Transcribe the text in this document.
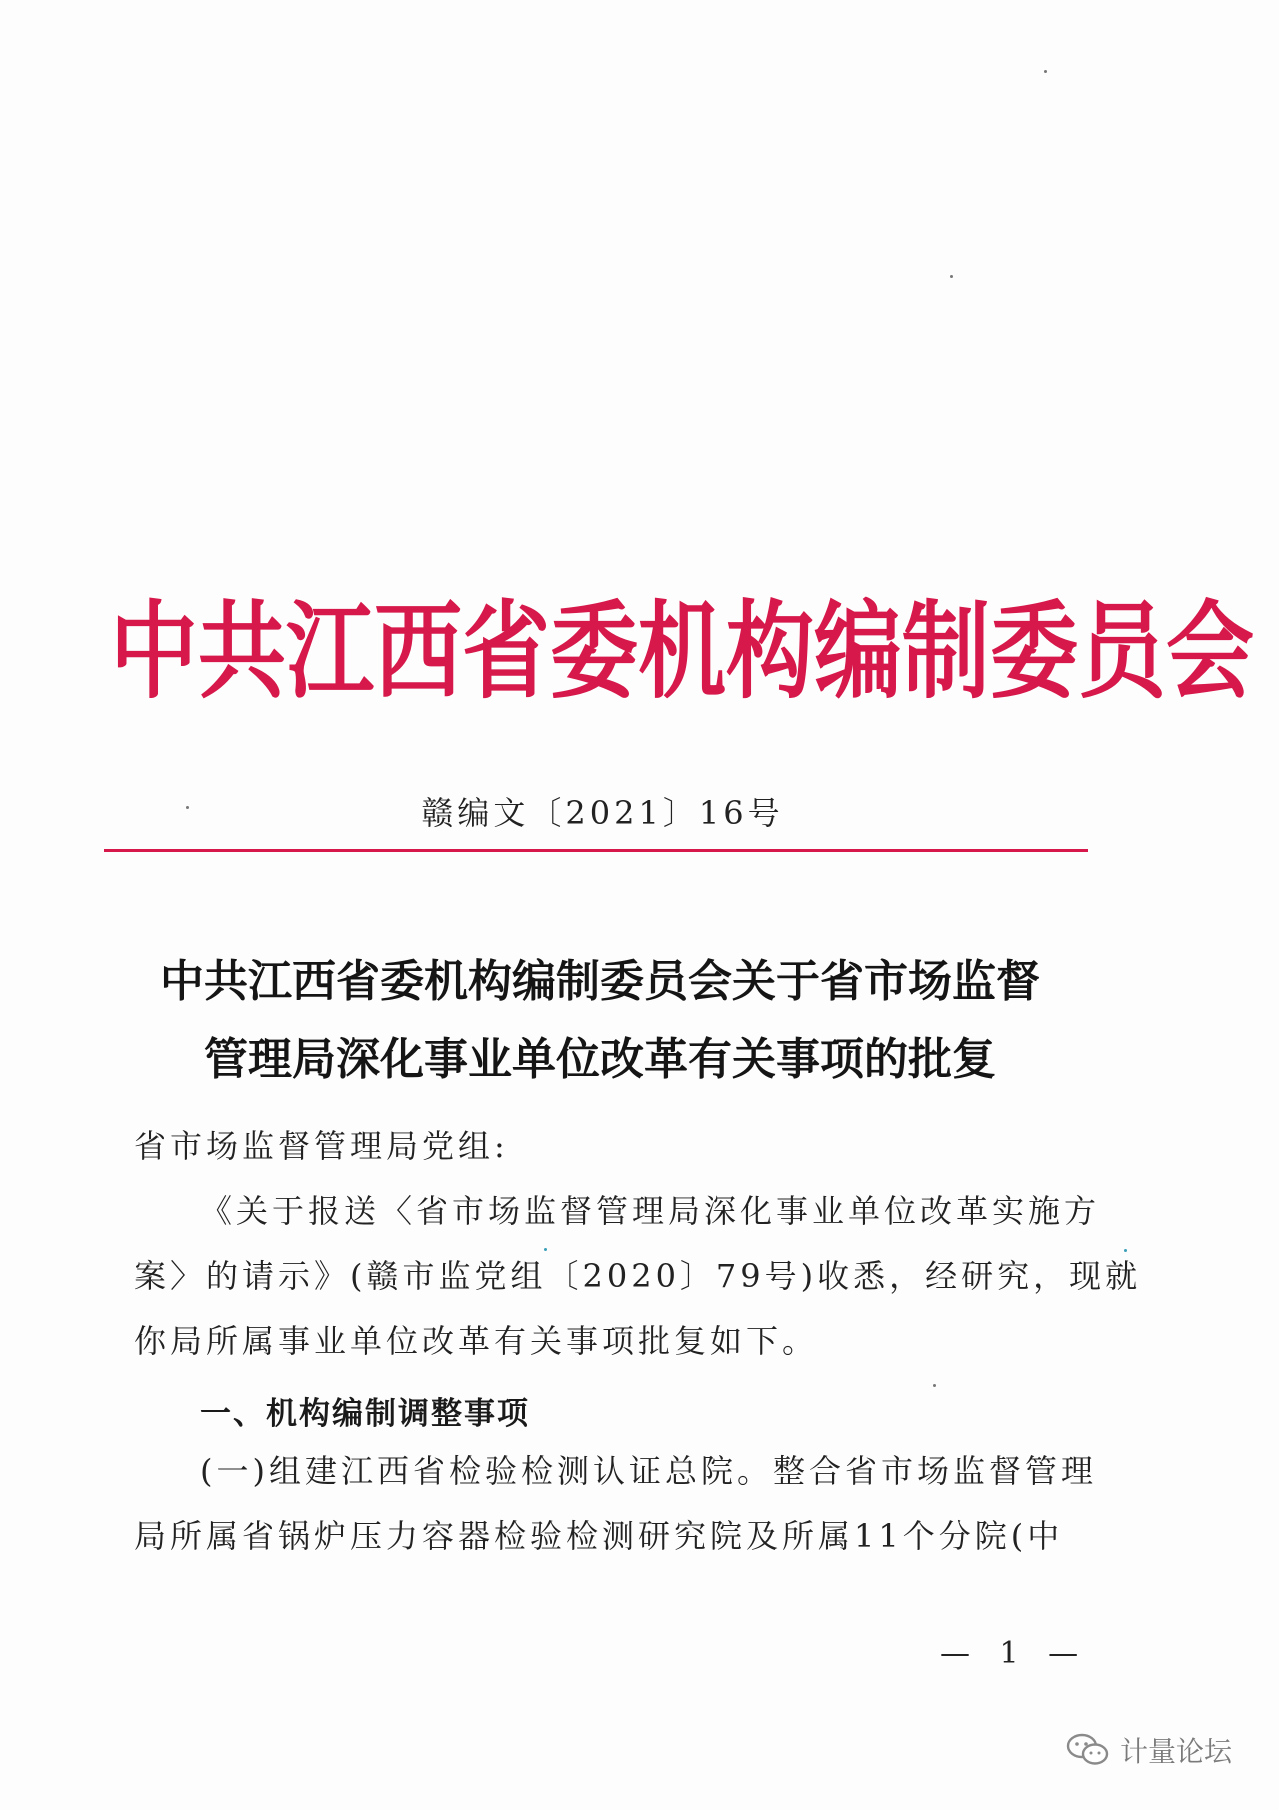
中共江西省委机构编制委员会
赣编文〔2021〕16号
中共江西省委机构编制委员会关于省市场监督
管理局深化事业单位改革有关事项的批复
省市场监督管理局党组:
《关于报送〈省市场监督管理局深化事业单位改革实施方
案〉的请示》(赣市监党组〔2020〕79号)收悉，经研究，现就
你局所属事业单位改革有关事项批复如下。
一、机构编制调整事项
(一)组建江西省检验检测认证总院。整合省市场监督管理
局所属省锅炉压力容器检验检测研究院及所属11个分院(中
— 1 —
计量论坛
